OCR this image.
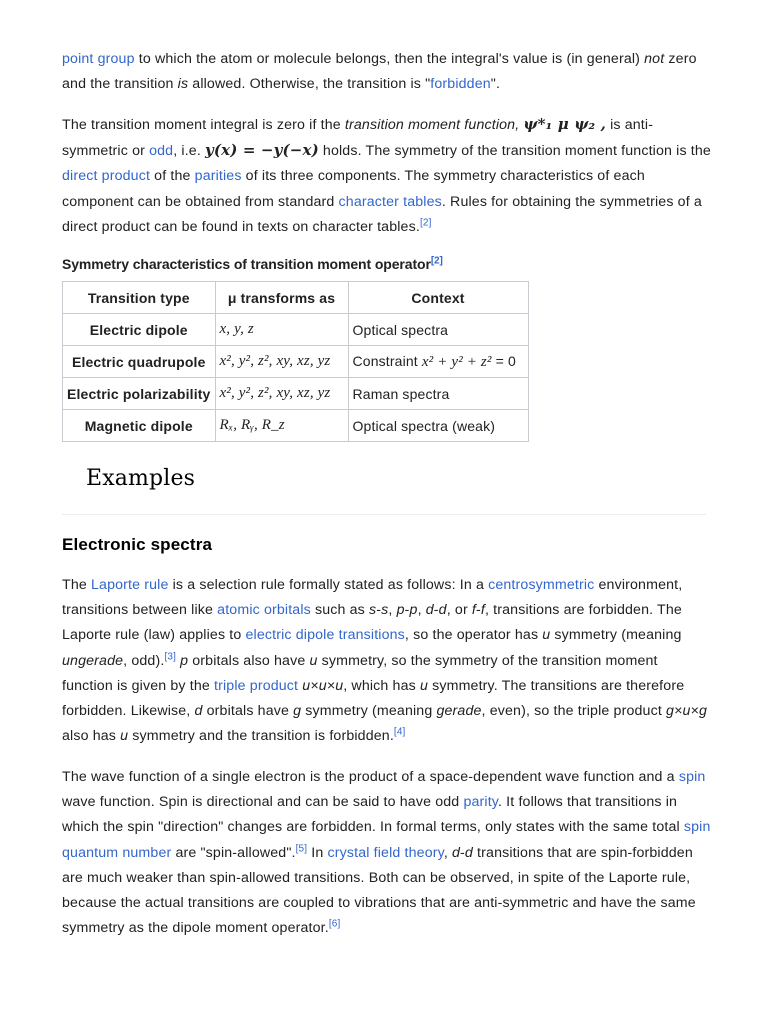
point group to which the atom or molecule belongs, then the integral's value is (in general) not zero and the transition is allowed. Otherwise, the transition is "forbidden".

The transition moment integral is zero if the transition moment function, ψ*₁ μ ψ₂ , is anti-symmetric or odd, i.e. y(x) = −y(−x) holds. The symmetry of the transition moment function is the direct product of the parities of its three components. The symmetry characteristics of each component can be obtained from standard character tables. Rules for obtaining the symmetries of a direct product can be found in texts on character tables.[2]

Symmetry characteristics of transition moment operator[2]
Transition type	μ transforms as	Context
Electric dipole	x, y, z	Optical spectra
Electric quadrupole	x², y², z², xy, xz, yz	Constraint x² + y² + z² = 0
Electric polarizability	x², y², z², xy, xz, yz	Raman spectra
Magnetic dipole	Rₓ, Rᵧ, R_z	Optical spectra (weak)
Examples
Electronic spectra

The Laporte rule is a selection rule formally stated as follows: In a centrosymmetric environment, transitions between like atomic orbitals such as s-s, p-p, d-d, or f-f, transitions are forbidden. The Laporte rule (law) applies to electric dipole transitions, so the operator has u symmetry (meaning ungerade, odd).[3] p orbitals also have u symmetry, so the symmetry of the transition moment function is given by the triple product u×u×u, which has u symmetry. The transitions are therefore forbidden. Likewise, d orbitals have g symmetry (meaning gerade, even), so the triple product g×u×g also has u symmetry and the transition is forbidden.[4]

The wave function of a single electron is the product of a space-dependent wave function and a spin wave function. Spin is directional and can be said to have odd parity. It follows that transitions in which the spin "direction" changes are forbidden. In formal terms, only states with the same total spin quantum number are "spin-allowed".[5] In crystal field theory, d-d transitions that are spin-forbidden are much weaker than spin-allowed transitions. Both can be observed, in spite of the Laporte rule, because the actual transitions are coupled to vibrations that are anti-symmetric and have the same symmetry as the dipole moment operator.[6]
